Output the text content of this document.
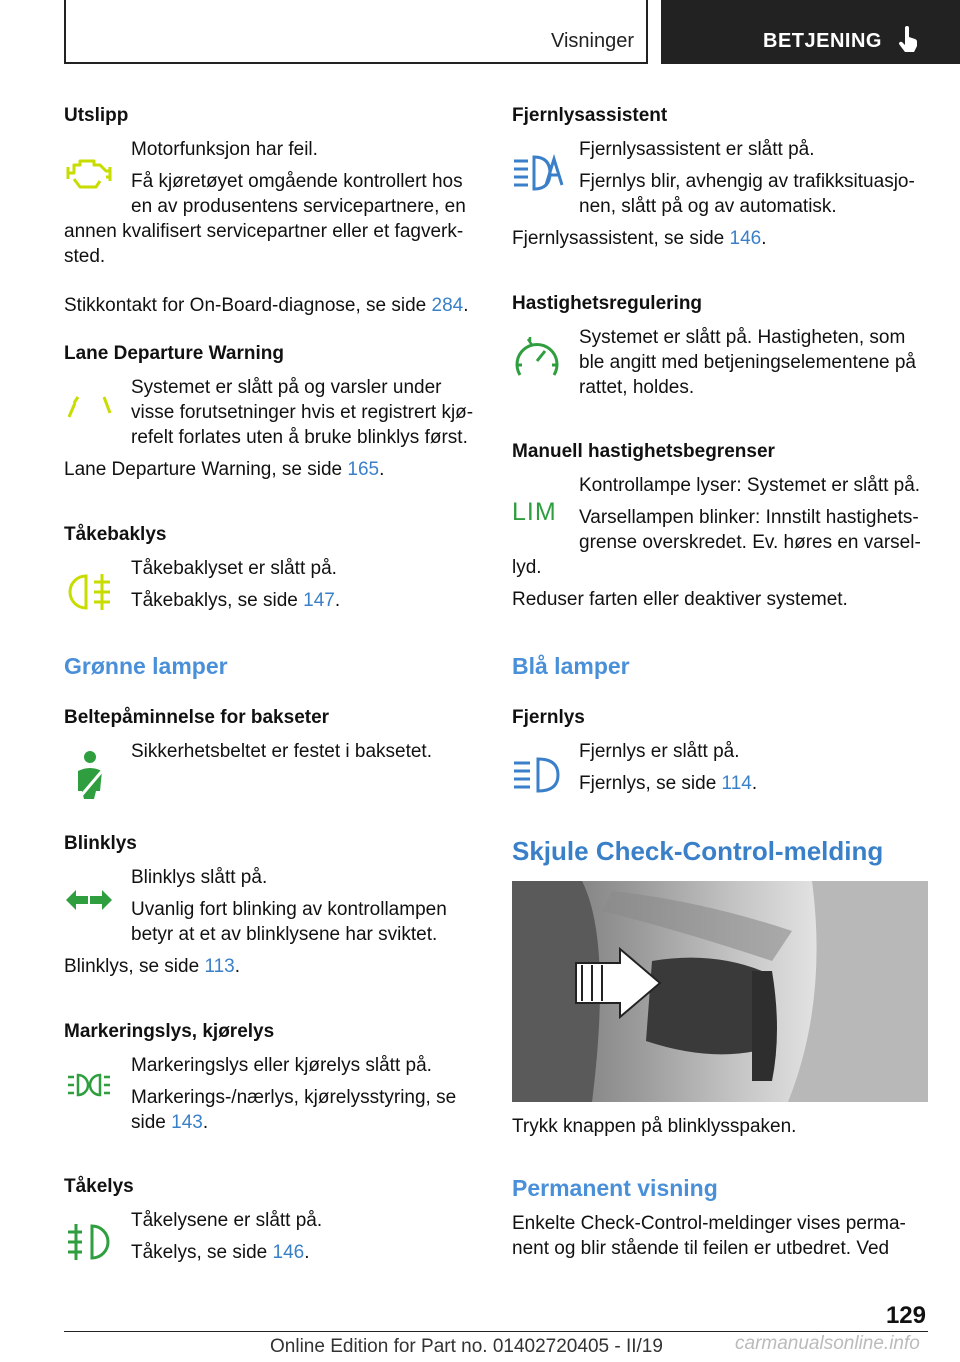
Visninger	BETJENING
Utslipp
Motorfunksjon har feil.
Få kjøretøyet omgående kontrollert hos
en av produsentens servicepartnere, en
annen kvalifisert servicepartner eller et fagverk-
sted.
Stikkontakt for On-Board-diagnose, se side 284.
Lane Departure Warning
Systemet er slått på og varsler under
visse forutsetninger hvis et registrert kjø-
refelt forlates uten å bruke blinklys først.
Lane Departure Warning, se side 165.
Tåkebaklys
Tåkebaklyset er slått på.
Tåkebaklys, se side 147.
Grønne lamper
Beltepåminnelse for bakseter
Sikkerhetsbeltet er festet i baksetet.
Blinklys
Blinklys slått på.
Uvanlig fort blinking av kontrollampen
betyr at et av blinklysene har sviktet.
Blinklys, se side 113.
Markeringslys, kjørelys
Markeringslys eller kjørelys slått på.
Markerings-/nærlys, kjørelysstyring, se
side 143.
Tåkelys
Tåkelysene er slått på.
Tåkelys, se side 146.
Fjernlysassistent
Fjernlysassistent er slått på.
Fjernlys blir, avhengig av trafikksituasjo-
nen, slått på og av automatisk.
Fjernlysassistent, se side 146.
Hastighetsregulering
Systemet er slått på. Hastigheten, som
ble angitt med betjeningselementene på
rattet, holdes.
Manuell hastighetsbegrenser
LIM
Kontrollampe lyser: Systemet er slått på.
Varsellampen blinker: Innstilt hastighets-
grense overskredet. Ev. høres en varsel-
lyd.
Reduser farten eller deaktiver systemet.
Blå lamper
Fjernlys
Fjernlys er slått på.
Fjernlys, se side 114.
Skjule Check-Control-melding
Trykk knappen på blinklysspaken.
Permanent visning
Enkelte Check-Control-meldinger vises perma-
nent og blir stående til feilen er utbedret. Ved
129
Online Edition for Part no. 01402720405 - II/19	carmanualsonline.info
